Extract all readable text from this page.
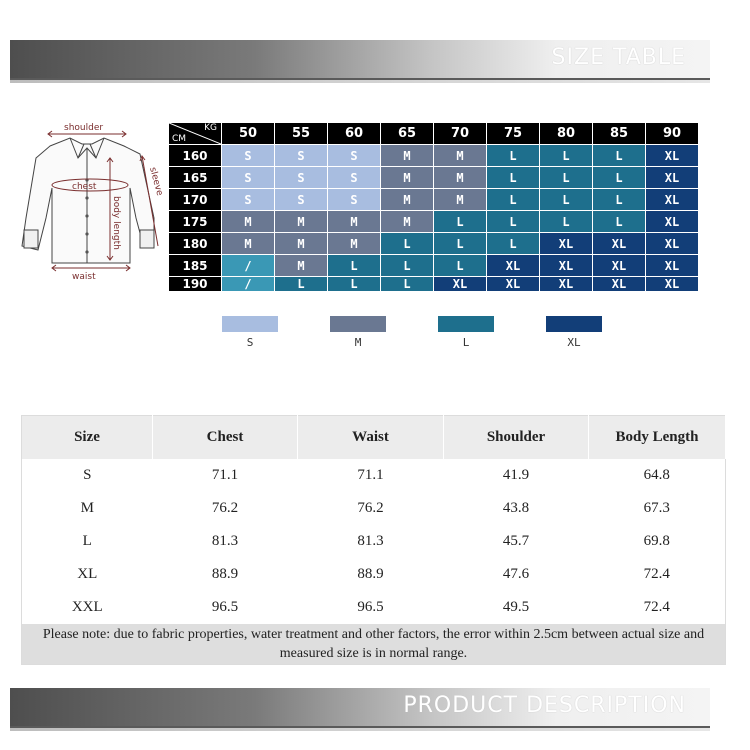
SIZE TABLE
shoulder
chest	sleeve
body length
waist
KG
CM	50	55	60	65	70	75	80	85	90
160	S	S	S	M	M	L	L	L	XL
165	S	S	S	M	M	L	L	L	XL
170	S	S	S	M	M	L	L	L	XL
175	M	M	M	M	L	L	L	L	XL
180	M	M	M	L	L	L	XL	XL	XL
185	/	M	L	L	L	XL	XL	XL	XL
190	/	L	L	L	XL	XL	XL	XL	XL
S	M	L	XL
Size	Chest	Waist	Shoulder	Body Length
S	71.1	71.1	41.9	64.8
M	76.2	76.2	43.8	67.3
L	81.3	81.3	45.7	69.8
XL	88.9	88.9	47.6	72.4
XXL	96.5	96.5	49.5	72.4
Please note: due to fabric properties, water treatment and other factors, the error within 2.5cm between actual size and measured size is in normal range.				
PRODUCT DESCRIPTION
